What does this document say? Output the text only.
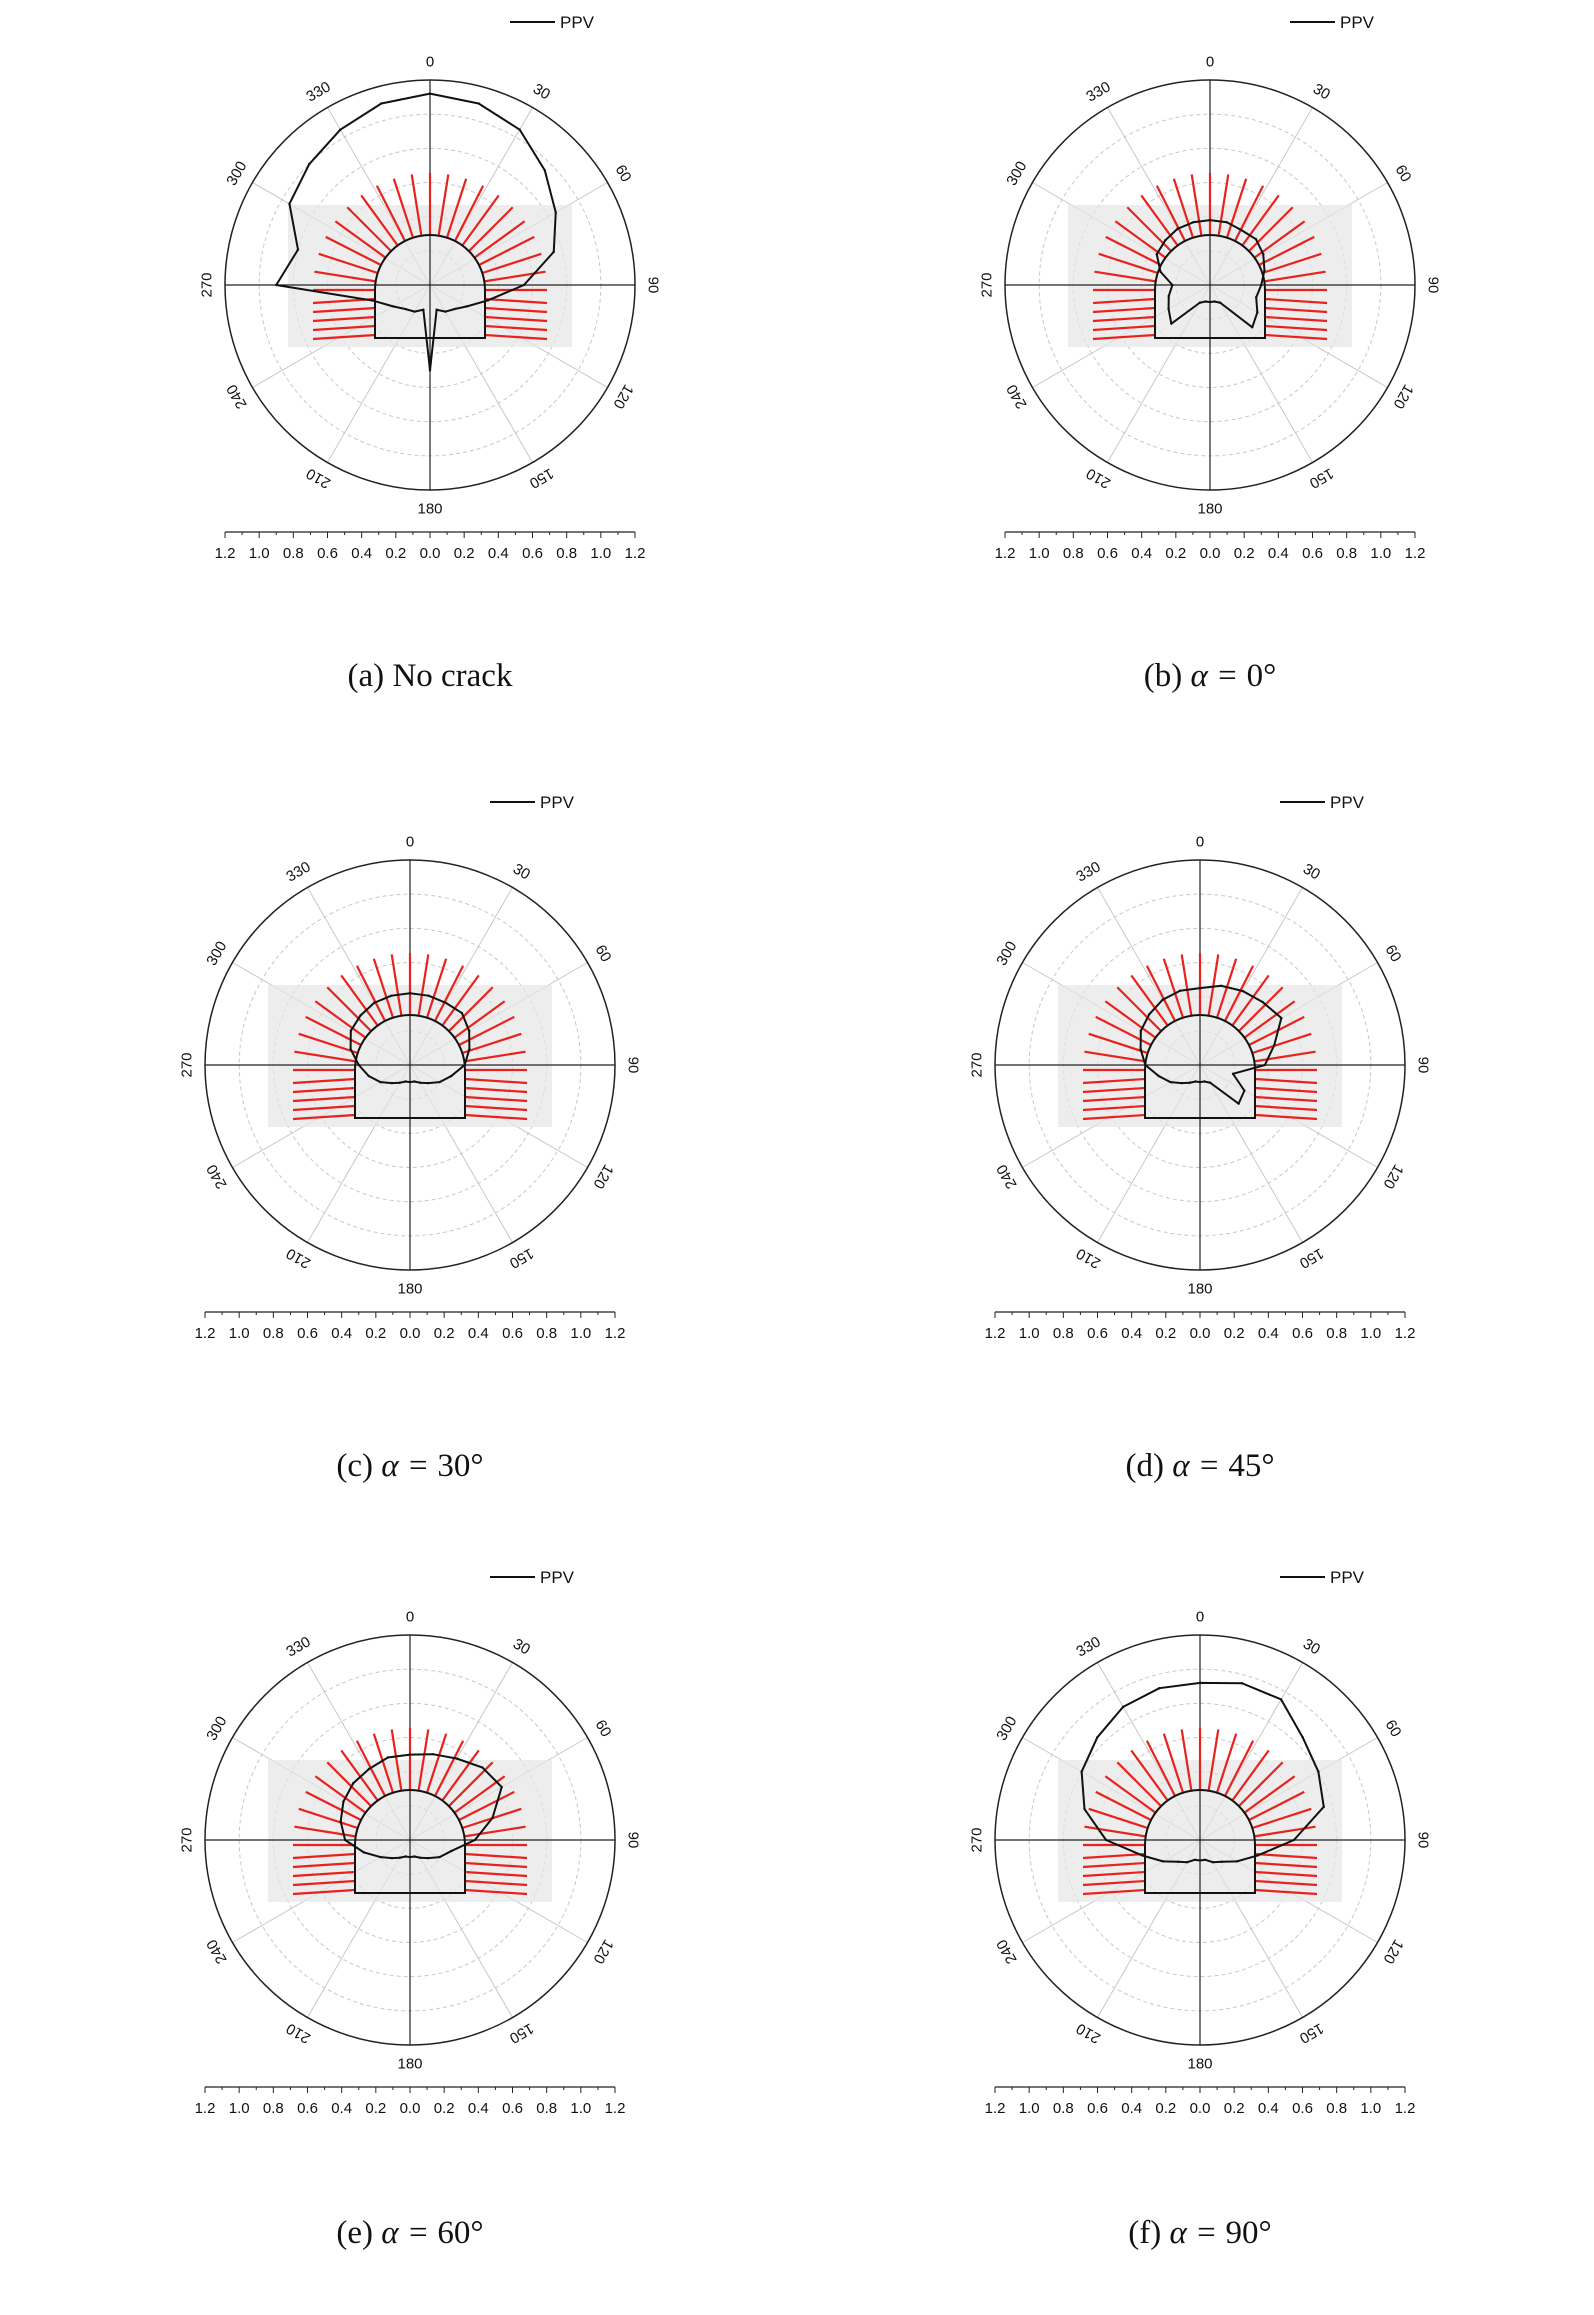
PPV
0
30
60
90
120
150
180
210
240
270
300
330
1.2 1.0 0.8 0.6 0.4 0.2 0.0 0.2 0.4 0.6 0.8 1.0 1.2
(a) No crack
PPV
0
30
60
90
120
150
180
210
240
270
300
330
1.2 1.0 0.8 0.6 0.4 0.2 0.0 0.2 0.4 0.6 0.8 1.0 1.2
(b) α = 0°
PPV
0
30
60
90
120
150
180
210
240
270
300
330
1.2 1.0 0.8 0.6 0.4 0.2 0.0 0.2 0.4 0.6 0.8 1.0 1.2
(c) α = 30°
PPV
0
30
60
90
120
150
180
210
240
270
300
330
1.2 1.0 0.8 0.6 0.4 0.2 0.0 0.2 0.4 0.6 0.8 1.0 1.2
(d) α = 45°
PPV
0
30
60
90
120
150
180
210
240
270
300
330
1.2 1.0 0.8 0.6 0.4 0.2 0.0 0.2 0.4 0.6 0.8 1.0 1.2
(e) α = 60°
PPV
0
30
60
90
120
150
180
210
240
270
300
330
1.2 1.0 0.8 0.6 0.4 0.2 0.0 0.2 0.4 0.6 0.8 1.0 1.2
(f) α = 90°
